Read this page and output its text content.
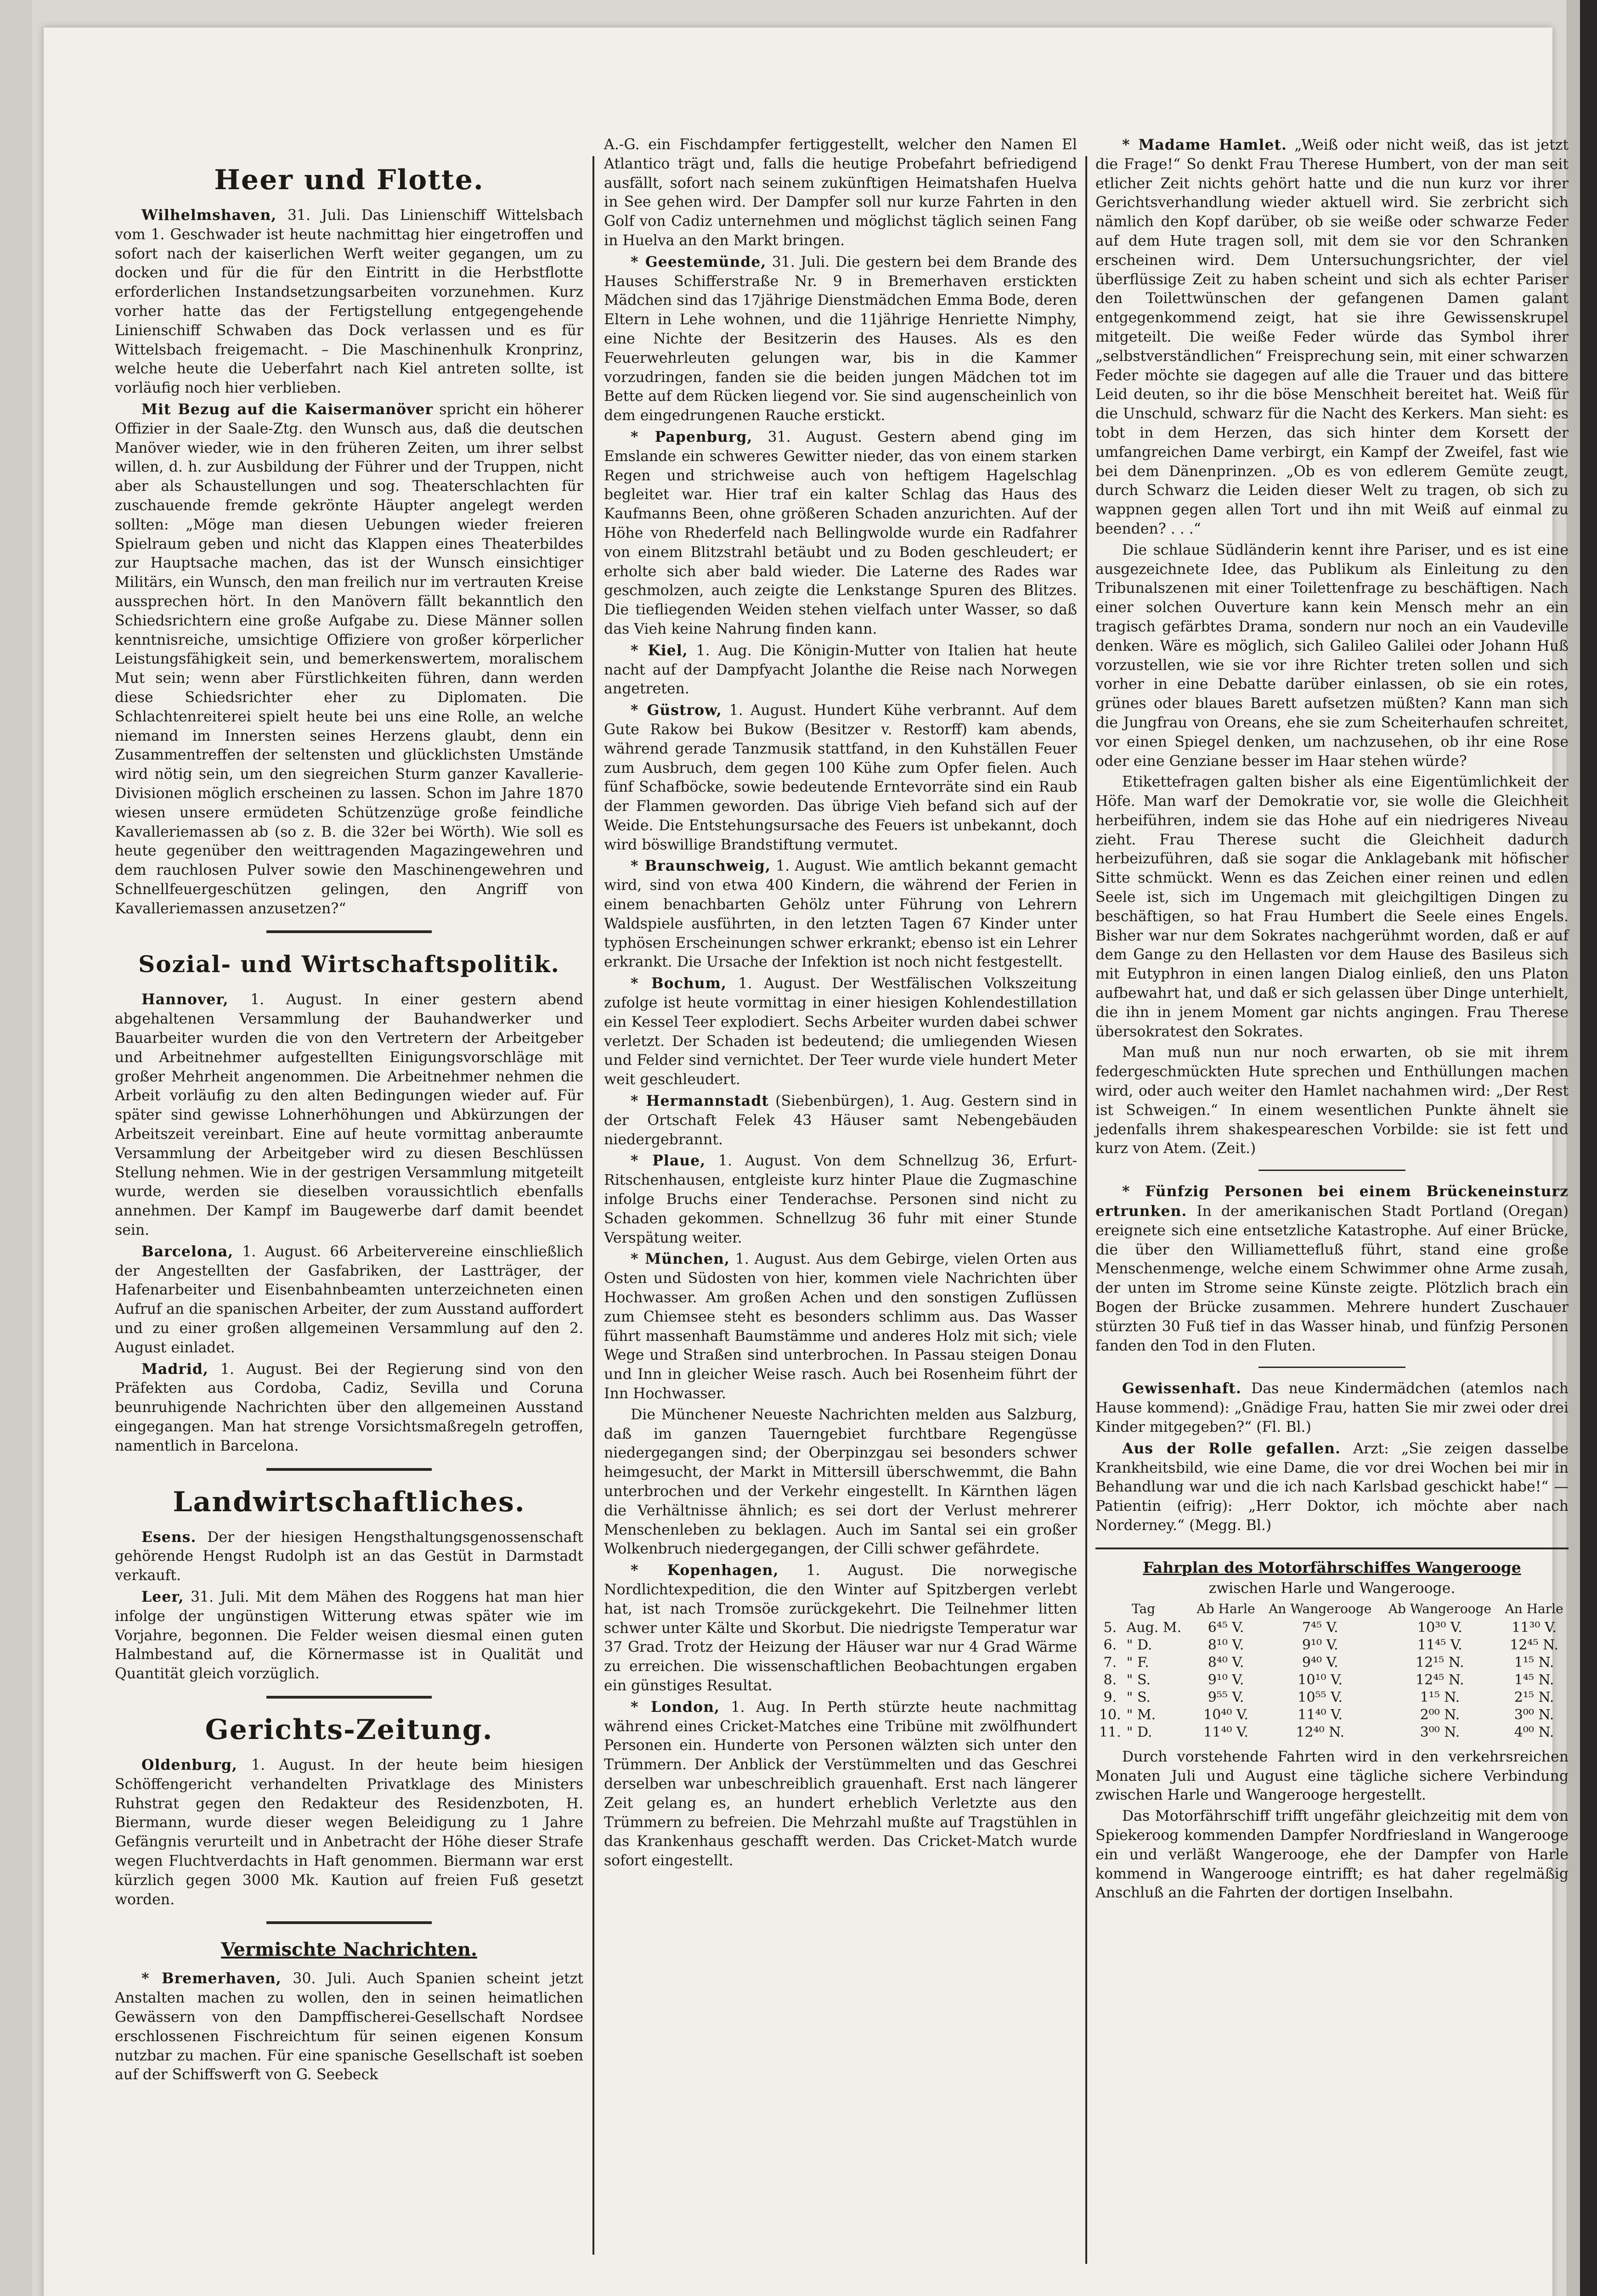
Heer und Flotte.

Wilhelmshaven, 31. Juli. Das Linienschiff Wittelsbach vom 1. Geschwader ist heute nachmittag hier eingetroffen und sofort nach der kaiserlichen Werft weiter gegangen, um zu docken und für die für den Eintritt in die Herbstflotte erforderlichen Instandsetzungsarbeiten vorzunehmen. Kurz vorher hatte das der Fertigstellung entgegengehende Linienschiff Schwaben das Dock verlassen und es für Wittelsbach freigemacht. – Die Maschinenhulk Kronprinz, welche heute die Ueberfahrt nach Kiel antreten sollte, ist vorläufig noch hier verblieben.

Mit Bezug auf die Kaisermanöver spricht ein höherer Offizier in der Saale-Ztg. den Wunsch aus, daß die deutschen Manöver wieder, wie in den früheren Zeiten, um ihrer selbst willen, d. h. zur Ausbildung der Führer und der Truppen, nicht aber als Schaustellungen und sog. Theaterschlachten für zuschauende fremde gekrönte Häupter angelegt werden sollten: „Möge man diesen Uebungen wieder freieren Spielraum geben und nicht das Klappen eines Theaterbildes zur Hauptsache machen, das ist der Wunsch einsichtiger Militärs, ein Wunsch, den man freilich nur im vertrauten Kreise aussprechen hört. In den Manövern fällt bekanntlich den Schiedsrichtern eine große Aufgabe zu. Diese Männer sollen kenntnisreiche, umsichtige Offiziere von großer körperlicher Leistungsfähigkeit sein, und bemerkenswertem, moralischem Mut sein; wenn aber Fürstlichkeiten führen, dann werden diese Schiedsrichter eher zu Diplomaten. Die Schlachtenreiterei spielt heute bei uns eine Rolle, an welche niemand im Innersten seines Herzens glaubt, denn ein Zusammentreffen der seltensten und glücklichsten Umstände wird nötig sein, um den siegreichen Sturm ganzer Kavallerie-Divisionen möglich erscheinen zu lassen. Schon im Jahre 1870 wiesen unsere ermüdeten Schützenzüge große feindliche Kavalleriemassen ab (so z. B. die 32er bei Wörth). Wie soll es heute gegenüber den weittragenden Magazingewehren und dem rauchlosen Pulver sowie den Maschinengewehren und Schnellfeuergeschützen gelingen, den Angriff von Kavalleriemassen anzusetzen?“

Sozial- und Wirtschaftspolitik.

Hannover, 1. August. In einer gestern abend abgehaltenen Versammlung der Bauhandwerker und Bauarbeiter wurden die von den Vertretern der Arbeitgeber und Arbeitnehmer aufgestellten Einigungsvorschläge mit großer Mehrheit angenommen. Die Arbeitnehmer nehmen die Arbeit vorläufig zu den alten Bedingungen wieder auf. Für später sind gewisse Lohnerhöhungen und Abkürzungen der Arbeitszeit vereinbart. Eine auf heute vormittag anberaumte Versammlung der Arbeitgeber wird zu diesen Beschlüssen Stellung nehmen. Wie in der gestrigen Versammlung mitgeteilt wurde, werden sie dieselben voraussichtlich ebenfalls annehmen. Der Kampf im Baugewerbe darf damit beendet sein.

Barcelona, 1. August. 66 Arbeitervereine einschließlich der Angestellten der Gasfabriken, der Lastträger, der Hafenarbeiter und Eisenbahnbeamten unterzeichneten einen Aufruf an die spanischen Arbeiter, der zum Ausstand auffordert und zu einer großen allgemeinen Versammlung auf den 2. August einladet.

Madrid, 1. August. Bei der Regierung sind von den Präfekten aus Cordoba, Cadiz, Sevilla und Coruna beunruhigende Nachrichten über den allgemeinen Ausstand eingegangen. Man hat strenge Vorsichtsmaßregeln getroffen, namentlich in Barcelona.

Landwirtschaftliches.

Esens. Der der hiesigen Hengsthaltungsgenossenschaft gehörende Hengst Rudolph ist an das Gestüt in Darmstadt verkauft.

Leer, 31. Juli. Mit dem Mähen des Roggens hat man hier infolge der ungünstigen Witterung etwas später wie im Vorjahre, begonnen. Die Felder weisen diesmal einen guten Halmbestand auf, die Körnermasse ist in Qualität und Quantität gleich vorzüglich.

Gerichts-Zeitung.

Oldenburg, 1. August. In der heute beim hiesigen Schöffengericht verhandelten Privatklage des Ministers Ruhstrat gegen den Redakteur des Residenzboten, H. Biermann, wurde dieser wegen Beleidigung zu 1 Jahre Gefängnis verurteilt und in Anbetracht der Höhe dieser Strafe wegen Fluchtverdachts in Haft genommen. Biermann war erst kürzlich gegen 3000 Mk. Kaution auf freien Fuß gesetzt worden.

Vermischte Nachrichten.

* Bremerhaven, 30. Juli. Auch Spanien scheint jetzt Anstalten machen zu wollen, den in seinen heimatlichen Gewässern von den Dampffischerei-Gesellschaft Nordsee erschlossenen Fischreichtum für seinen eigenen Konsum nutzbar zu machen. Für eine spanische Gesellschaft ist soeben auf der Schiffswerft von G. Seebeck

A.-G. ein Fischdampfer fertiggestellt, welcher den Namen El Atlantico trägt und, falls die heutige Probefahrt befriedigend ausfällt, sofort nach seinem zukünftigen Heimatshafen Huelva in See gehen wird. Der Dampfer soll nur kurze Fahrten in den Golf von Cadiz unternehmen und möglichst täglich seinen Fang in Huelva an den Markt bringen.

* Geestemünde, 31. Juli. Die gestern bei dem Brande des Hauses Schifferstraße Nr. 9 in Bremerhaven erstickten Mädchen sind das 17jährige Dienstmädchen Emma Bode, deren Eltern in Lehe wohnen, und die 11jährige Henriette Nimphy, eine Nichte der Besitzerin des Hauses. Als es den Feuerwehrleuten gelungen war, bis in die Kammer vorzudringen, fanden sie die beiden jungen Mädchen tot im Bette auf dem Rücken liegend vor. Sie sind augenscheinlich von dem eingedrungenen Rauche erstickt.

* Papenburg, 31. August. Gestern abend ging im Emslande ein schweres Gewitter nieder, das von einem starken Regen und strichweise auch von heftigem Hagelschlag begleitet war. Hier traf ein kalter Schlag das Haus des Kaufmanns Been, ohne größeren Schaden anzurichten. Auf der Höhe von Rhederfeld nach Bellingwolde wurde ein Radfahrer von einem Blitzstrahl betäubt und zu Boden geschleudert; er erholte sich aber bald wieder. Die Laterne des Rades war geschmolzen, auch zeigte die Lenkstange Spuren des Blitzes. Die tiefliegenden Weiden stehen vielfach unter Wasser, so daß das Vieh keine Nahrung finden kann.

* Kiel, 1. Aug. Die Königin-Mutter von Italien hat heute nacht auf der Dampfyacht Jolanthe die Reise nach Norwegen angetreten.

* Güstrow, 1. August. Hundert Kühe verbrannt. Auf dem Gute Rakow bei Bukow (Besitzer v. Restorff) kam abends, während gerade Tanzmusik stattfand, in den Kuhställen Feuer zum Ausbruch, dem gegen 100 Kühe zum Opfer fielen. Auch fünf Schafböcke, sowie bedeutende Erntevorräte sind ein Raub der Flammen geworden. Das übrige Vieh befand sich auf der Weide. Die Entstehungsursache des Feuers ist unbekannt, doch wird böswillige Brandstiftung vermutet.

* Braunschweig, 1. August. Wie amtlich bekannt gemacht wird, sind von etwa 400 Kindern, die während der Ferien in einem benachbarten Gehölz unter Führung von Lehrern Waldspiele ausführten, in den letzten Tagen 67 Kinder unter typhösen Erscheinungen schwer erkrankt; ebenso ist ein Lehrer erkrankt. Die Ursache der Infektion ist noch nicht festgestellt.

* Bochum, 1. August. Der Westfälischen Volkszeitung zufolge ist heute vormittag in einer hiesigen Kohlendestillation ein Kessel Teer explodiert. Sechs Arbeiter wurden dabei schwer verletzt. Der Schaden ist bedeutend; die umliegenden Wiesen und Felder sind vernichtet. Der Teer wurde viele hundert Meter weit geschleudert.

* Hermannstadt (Siebenbürgen), 1. Aug. Gestern sind in der Ortschaft Felek 43 Häuser samt Nebengebäuden niedergebrannt.

* Plaue, 1. August. Von dem Schnellzug 36, Erfurt-Ritschenhausen, entgleiste kurz hinter Plaue die Zugmaschine infolge Bruchs einer Tenderachse. Personen sind nicht zu Schaden gekommen. Schnellzug 36 fuhr mit einer Stunde Verspätung weiter.

* München, 1. August. Aus dem Gebirge, vielen Orten aus Osten und Südosten von hier, kommen viele Nachrichten über Hochwasser. Am großen Achen und den sonstigen Zuflüssen zum Chiemsee steht es besonders schlimm aus. Das Wasser führt massenhaft Baumstämme und anderes Holz mit sich; viele Wege und Straßen sind unterbrochen. In Passau steigen Donau und Inn in gleicher Weise rasch. Auch bei Rosenheim führt der Inn Hochwasser.

Die Münchener Neueste Nachrichten melden aus Salzburg, daß im ganzen Tauerngebiet furchtbare Regengüsse niedergegangen sind; der Oberpinzgau sei besonders schwer heimgesucht, der Markt in Mittersill überschwemmt, die Bahn unterbrochen und der Verkehr eingestellt. In Kärnthen lägen die Verhältnisse ähnlich; es sei dort der Verlust mehrerer Menschenleben zu beklagen. Auch im Santal sei ein großer Wolkenbruch niedergegangen, der Cilli schwer gefährdete.

* Kopenhagen, 1. August. Die norwegische Nordlichtexpedition, die den Winter auf Spitzbergen verlebt hat, ist nach Tromsöe zurückgekehrt. Die Teilnehmer litten schwer unter Kälte und Skorbut. Die niedrigste Temperatur war 37 Grad. Trotz der Heizung der Häuser war nur 4 Grad Wärme zu erreichen. Die wissenschaftlichen Beobachtungen ergaben ein günstiges Resultat.

* London, 1. Aug. In Perth stürzte heute nachmittag während eines Cricket-Matches eine Tribüne mit zwölfhundert Personen ein. Hunderte von Personen wälzten sich unter den Trümmern. Der Anblick der Verstümmelten und das Geschrei derselben war unbeschreiblich grauenhaft. Erst nach längerer Zeit gelang es, an hundert erheblich Verletzte aus den Trümmern zu befreien. Die Mehrzahl mußte auf Tragstühlen in das Krankenhaus geschafft werden. Das Cricket-Match wurde sofort eingestellt.

* Madame Hamlet. „Weiß oder nicht weiß, das ist jetzt die Frage!“ So denkt Frau Therese Humbert, von der man seit etlicher Zeit nichts gehört hatte und die nun kurz vor ihrer Gerichtsverhandlung wieder aktuell wird. Sie zerbricht sich nämlich den Kopf darüber, ob sie weiße oder schwarze Feder auf dem Hute tragen soll, mit dem sie vor den Schranken erscheinen wird. Dem Untersuchungsrichter, der viel überflüssige Zeit zu haben scheint und sich als echter Pariser den Toilettwünschen der gefangenen Damen galant entgegenkommend zeigt, hat sie ihre Gewissenskrupel mitgeteilt. Die weiße Feder würde das Symbol ihrer „selbstverständlichen“ Freisprechung sein, mit einer schwarzen Feder möchte sie dagegen auf alle die Trauer und das bittere Leid deuten, so ihr die böse Menschheit bereitet hat. Weiß für die Unschuld, schwarz für die Nacht des Kerkers. Man sieht: es tobt in dem Herzen, das sich hinter dem Korsett der umfangreichen Dame verbirgt, ein Kampf der Zweifel, fast wie bei dem Dänenprinzen. „Ob es von edlerem Gemüte zeugt, durch Schwarz die Leiden dieser Welt zu tragen, ob sich zu wappnen gegen allen Tort und ihn mit Weiß auf einmal zu beenden? . . .“

Die schlaue Südländerin kennt ihre Pariser, und es ist eine ausgezeichnete Idee, das Publikum als Einleitung zu den Tribunalszenen mit einer Toilettenfrage zu beschäftigen. Nach einer solchen Ouverture kann kein Mensch mehr an ein tragisch gefärbtes Drama, sondern nur noch an ein Vaudeville denken. Wäre es möglich, sich Galileo Galilei oder Johann Huß vorzustellen, wie sie vor ihre Richter treten sollen und sich vorher in eine Debatte darüber einlassen, ob sie ein rotes, grünes oder blaues Barett aufsetzen müßten? Kann man sich die Jungfrau von Oreans, ehe sie zum Scheiterhaufen schreitet, vor einen Spiegel denken, um nachzusehen, ob ihr eine Rose oder eine Genziane besser im Haar stehen würde?

Etikettefragen galten bisher als eine Eigentümlichkeit der Höfe. Man warf der Demokratie vor, sie wolle die Gleichheit herbeiführen, indem sie das Hohe auf ein niedrigeres Niveau zieht. Frau Therese sucht die Gleichheit dadurch herbeizuführen, daß sie sogar die Anklagebank mit höfischer Sitte schmückt. Wenn es das Zeichen einer reinen und edlen Seele ist, sich im Ungemach mit gleichgiltigen Dingen zu beschäftigen, so hat Frau Humbert die Seele eines Engels. Bisher war nur dem Sokrates nachgerühmt worden, daß er auf dem Gange zu den Hellasten vor dem Hause des Basileus sich mit Eutyphron in einen langen Dialog einließ, den uns Platon aufbewahrt hat, und daß er sich gelassen über Dinge unterhielt, die ihn in jenem Moment gar nichts angingen. Frau Therese übersokratest den Sokrates.

Man muß nun nur noch erwarten, ob sie mit ihrem federgeschmückten Hute sprechen und Enthüllungen machen wird, oder auch weiter den Hamlet nachahmen wird: „Der Rest ist Schweigen.“ In einem wesentlichen Punkte ähnelt sie jedenfalls ihrem shakespeareschen Vorbilde: sie ist fett und kurz von Atem. (Zeit.)

* Fünfzig Personen bei einem Brückeneinsturz ertrunken. In der amerikanischen Stadt Portland (Oregan) ereignete sich eine entsetzliche Katastrophe. Auf einer Brücke, die über den Williamettefluß führt, stand eine große Menschenmenge, welche einem Schwimmer ohne Arme zusah, der unten im Strome seine Künste zeigte. Plötzlich brach ein Bogen der Brücke zusammen. Mehrere hundert Zuschauer stürzten 30 Fuß tief in das Wasser hinab, und fünfzig Personen fanden den Tod in den Fluten.

Gewissenhaft. Das neue Kindermädchen (atemlos nach Hause kommend): „Gnädige Frau, hatten Sie mir zwei oder drei Kinder mitgegeben?“ (Fl. Bl.)

Aus der Rolle gefallen. Arzt: „Sie zeigen dasselbe Krankheitsbild, wie eine Dame, die vor drei Wochen bei mir in Behandlung war und die ich nach Karlsbad geschickt habe!“ — Patientin (eifrig): „Herr Doktor, ich möchte aber nach Norderney.“ (Megg. Bl.)

Fahrplan des Motorfährschiffes Wangerooge
zwischen Harle und Wangerooge.
Tag		Ab Harle	An Wangerooge	Ab Wangerooge	An Harle
5.	Aug. M.	6⁴⁵ V.	7⁴⁵ V.	10³⁰ V.	11³⁰ V.
6.	" D.	8¹⁰ V.	9¹⁰ V.	11⁴⁵ V.	12⁴⁵ N.
7.	" F.	8⁴⁰ V.	9⁴⁰ V.	12¹⁵ N.	1¹⁵ N.
8.	" S.	9¹⁰ V.	10¹⁰ V.	12⁴⁵ N.	1⁴⁵ N.
9.	" S.	9⁵⁵ V.	10⁵⁵ V.	1¹⁵ N.	2¹⁵ N.
10.	" M.	10⁴⁰ V.	11⁴⁰ V.	2⁰⁰ N.	3⁰⁰ N.
11.	" D.	11⁴⁰ V.	12⁴⁰ N.	3⁰⁰ N.	4⁰⁰ N.

Durch vorstehende Fahrten wird in den verkehrsreichen Monaten Juli und August eine tägliche sichere Verbindung zwischen Harle und Wangerooge hergestellt.

Das Motorfährschiff trifft ungefähr gleichzeitig mit dem von Spiekeroog kommenden Dampfer Nordfriesland in Wangerooge ein und verläßt Wangerooge, ehe der Dampfer von Harle kommend in Wangerooge eintrifft; es hat daher regelmäßig Anschluß an die Fahrten der dortigen Inselbahn.
